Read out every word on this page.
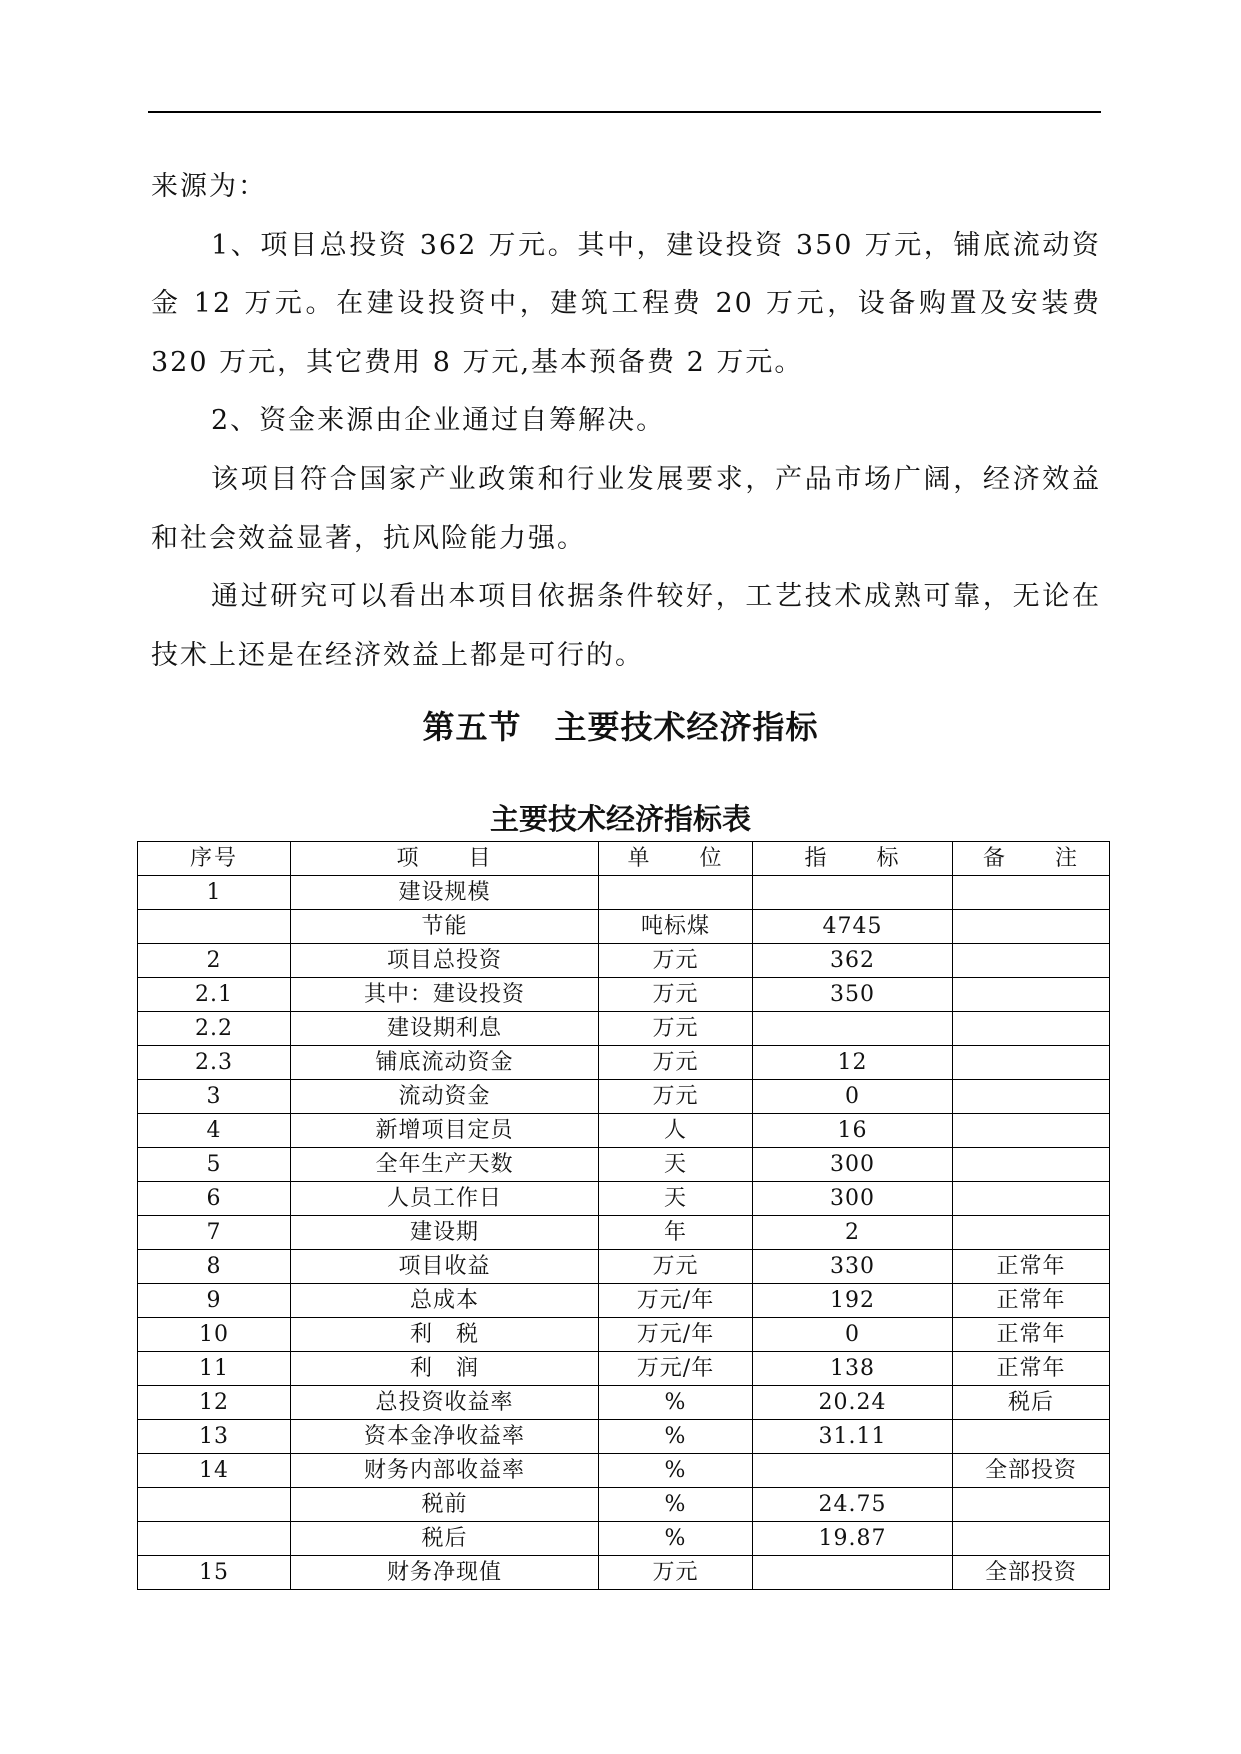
来源为：

1、项目总投资 362 万元。其中，建设投资 350 万元，铺底流动资金 12 万元。在建设投资中，建筑工程费 20 万元，设备购置及安装费 320 万元，其它费用 8 万元,基本预备费 2 万元。

2、资金来源由企业通过自筹解决。

该项目符合国家产业政策和行业发展要求，产品市场广阔，经济效益和社会效益显著，抗风险能力强。

通过研究可以看出本项目依据条件较好，工艺技术成熟可靠，无论在技术上还是在经济效益上都是可行的。

第五节　主要技术经济指标
主要技术经济指标表
序号	项　　目	单　　位	指　　标	备　　注
1	建设规模			
	节能	吨标煤	4745	
2	项目总投资	万元	362	
2.1	其中：建设投资	万元	350	
2.2	建设期利息	万元		
2.3	铺底流动资金	万元	12	
3	流动资金	万元	0	
4	新增项目定员	人	16	
5	全年生产天数	天	300	
6	人员工作日	天	300	
7	建设期	年	2	
8	项目收益	万元	330	正常年
9	总成本	万元/年	192	正常年
10	利　税	万元/年	0	正常年
11	利　润	万元/年	138	正常年
12	总投资收益率	%	20.24	税后
13	资本金净收益率	%	31.11	
14	财务内部收益率	%		全部投资
	税前	%	24.75	
	税后	%	19.87	
15	财务净现值	万元		全部投资
